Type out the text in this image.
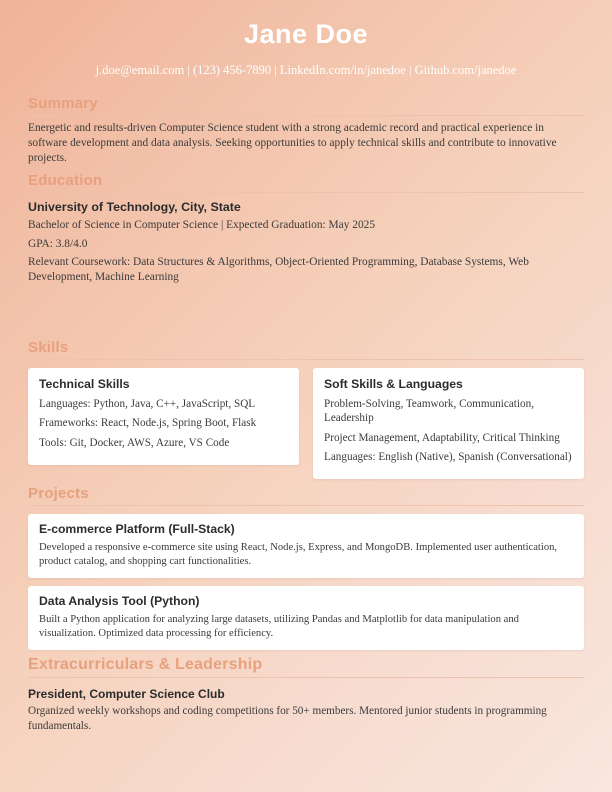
Jane Doe
j.doe@email.com | (123) 456-7890 | LinkedIn.com/in/janedoe | Github.com/janedoe
Summary
Energetic and results-driven Computer Science student with a strong academic record and practical experience in software development and data analysis. Seeking opportunities to apply technical skills and contribute to innovative projects.
Education
University of Technology, City, State
Bachelor of Science in Computer Science | Expected Graduation: May 2025
GPA: 3.8/4.0
Relevant Coursework: Data Structures & Algorithms, Object-Oriented Programming, Database Systems, Web Development, Machine Learning
Skills
Technical Skills
Languages: Python, Java, C++, JavaScript, SQL
Frameworks: React, Node.js, Spring Boot, Flask
Tools: Git, Docker, AWS, Azure, VS Code
Soft Skills & Languages
Problem-Solving, Teamwork, Communication, Leadership
Project Management, Adaptability, Critical Thinking
Languages: English (Native), Spanish (Conversational)
Projects
E-commerce Platform (Full-Stack)
Developed a responsive e-commerce site using React, Node.js, Express, and MongoDB. Implemented user authentication, product catalog, and shopping cart functionalities.
Data Analysis Tool (Python)
Built a Python application for analyzing large datasets, utilizing Pandas and Matplotlib for data manipulation and visualization. Optimized data processing for efficiency.
Extracurriculars & Leadership
President, Computer Science Club
Organized weekly workshops and coding competitions for 50+ members. Mentored junior students in programming fundamentals.
